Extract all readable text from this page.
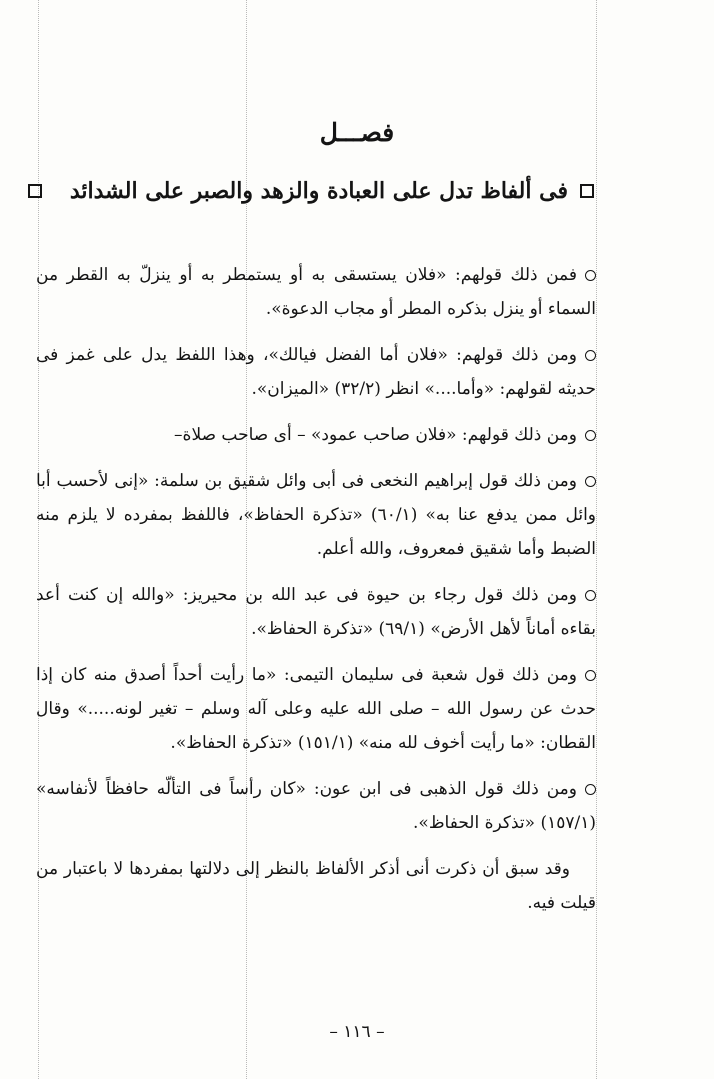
فصـــل
فى ألفاظ تدل على العبادة والزهد والصبر على الشدائد

فمن ذلك قولهم: «فلان يستسقى به أو يستمطر به أو ينزلّ به القطر من السماء أو ينزل بذكره المطر أو مجاب الدعوة».

ومن ذلك قولهم: «فلان أما الفضل فيالك»، وهذا اللفظ يدل على غمز فى حديثه لقولهم: «وأما....» انظر (٣٢/٢) «الميزان».

ومن ذلك قولهم: «فلان صاحب عمود» – أى صاحب صلاة–

ومن ذلك قول إبراهيم النخعى فى أبى وائل شقيق بن سلمة: «إنى لأحسب أبا وائل ممن يدفع عنا به» (٦٠/١) «تذكرة الحفاظ»، فاللفظ بمفرده لا يلزم منه الضبط وأما شقيق فمعروف، والله أعلم.

ومن ذلك قول رجاء بن حيوة فى عبد الله بن محيريز: «والله إن كنت أعد بقاءه أماناً لأهل الأرض» (٦٩/١) «تذكرة الحفاظ».

ومن ذلك قول شعبة فى سليمان التيمى: «ما رأيت أحداً أصدق منه كان إذا حدث عن رسول الله – صلى الله عليه وعلى آله وسلم – تغير لونه.....» وقال القطان: «ما رأيت أخوف لله منه» (١٥١/١) «تذكرة الحفاظ».

ومن ذلك قول الذهبى فى ابن عون: «كان رأساً فى التألّه حافظاً لأنفاسه» (١٥٧/١) «تذكرة الحفاظ».

وقد سبق أن ذكرت أنى أذكر الألفاظ بالنظر إلى دلالتها بمفردها لا باعتبار من قيلت فيه.

– ١١٦ –
